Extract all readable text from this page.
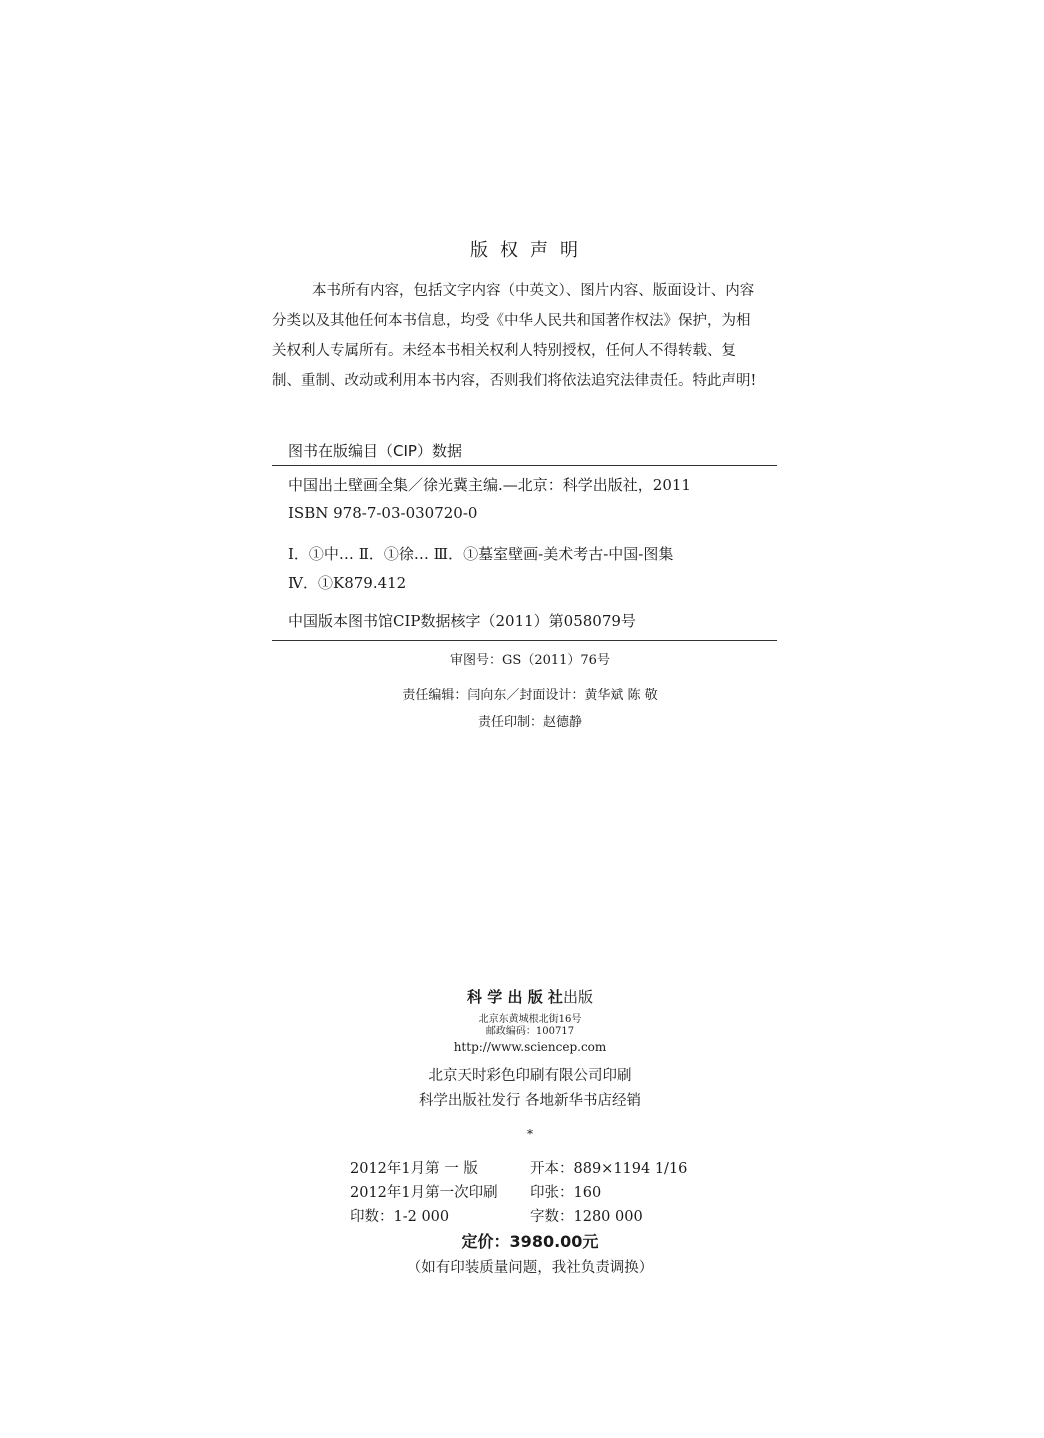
版权声明
本书所有内容，包括文字内容（中英文）、图片内容、版面设计、内容
分类以及其他任何本书信息，均受《中华人民共和国著作权法》保护，为相
关权利人专属所有。未经本书相关权利人特别授权，任何人不得转载、复
制、重制、改动或利用本书内容，否则我们将依法追究法律责任。特此声明!
图书在版编目（CIP）数据
中国出土壁画全集／徐光冀主编.—北京：科学出版社，2011
ISBN 978-7-03-030720-0
Ⅰ．①中… Ⅱ．①徐… Ⅲ．①墓室壁画-美术考古-中国-图集
Ⅳ．①K879.412
中国版本图书馆CIP数据核字（2011）第058079号
审图号：GS（2011）76号
责任编辑：闫向东／封面设计：黄华斌 陈 敬
责任印制：赵德静
科 学 出 版 社出版
北京东黄城根北街16号
邮政编码：100717
http://www.sciencep.com
北京天时彩色印刷有限公司印刷
科学出版社发行 各地新华书店经销
*
2012年1月第 一 版	开本：889×1194 1/16
2012年1月第一次印刷 印张：160
印数：1-2 000	字数：1280 000
定价：3980.00元
（如有印装质量问题，我社负责调换）
